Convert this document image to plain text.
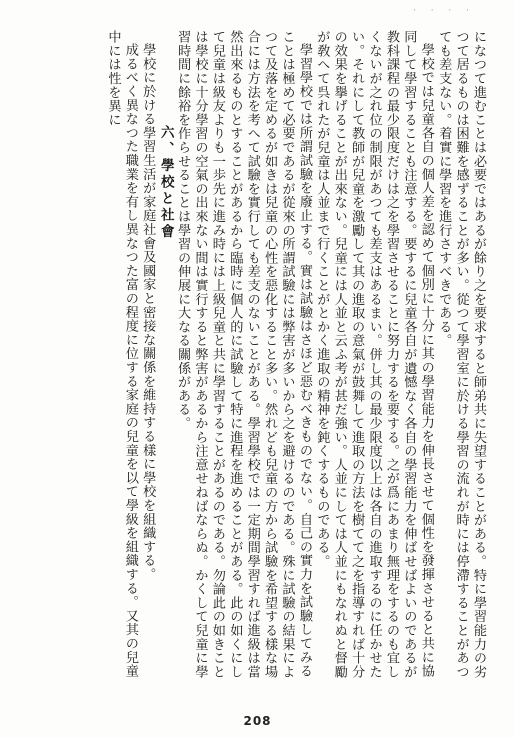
· · · ·

になつて進むことは必要ではあるが餘り之を要求すると師弟共に失望することがある。特に學習能力の劣つて居るものは困難を感ずることが多い。從つて學習室に於ける學習の流れが時には停滯することがあつても差支ない。着實に學習を進行さすべきである。

學校では兒童各自の個人差を認めて個別に十分に其の學習能力を伸長させて個性を發揮させると共に協同して學習することも注意する。要するに兒童各自が遺憾なく各自の學習能力を伸ばせばよいのであるが教科課程の最少限度だけは之を學習させることに努力するを要する。之が爲にあまり無理をするのも宜しくないが之れ位の制限があつても差支はあるまい。併し其の最少限度以上は各自の進取するのに任かせたい。それにして教師が兒童を激勵して其の進取の意氣が鼓舞して進取の方法を樹てて之を指導すれば十分の效果を擧げることが出來ない。兒童には人並と云ふ考が甚だ強い。人並にしては人並にもなれぬと督勵が敎へて呉れたが兒童は人並まで行くことがとかく進取の精神を鈍くするものである。

學習學校では所謂試驗を廢止する。實は試驗はさほど惡むべきものでない。自己の實力を試驗してみることは極めて必要であるが從來の所謂試驗には弊害が多いから之を避けるのである。殊に試驗の結果によつて及落を定めるが如きは兒童の心性を惡化すること多い。然れども兒童の方から試驗を希望する樣な場合には方法を考へて試驗を實行しても差支のないことがある。學習學校では一定期間學習すれば進級は當然出來るものとすることがあるから臨時に個人的に試驗して特に進程を進めることがある。此の如くにして兒童は級友よりも一歩先に進み時には上級兒童と共に學習することがあるのである。勿論此の如きことは學校に十分學習の空氣の出來ない間は實行すると弊害があるから注意せねばならぬ。かくして兒童に學習時間に餘裕を作らせることは學習の伸展に大なる關係がある。

六、學校と社會

學校に於ける學習生活が家庭社會及國家と密接な關係を維持する樣に學校を組織する。

成るべく異なつた職業を有し異なつた富の程度に位する家庭の兒童を以て學級を組織する。又其の兒童中には性を異に

208
